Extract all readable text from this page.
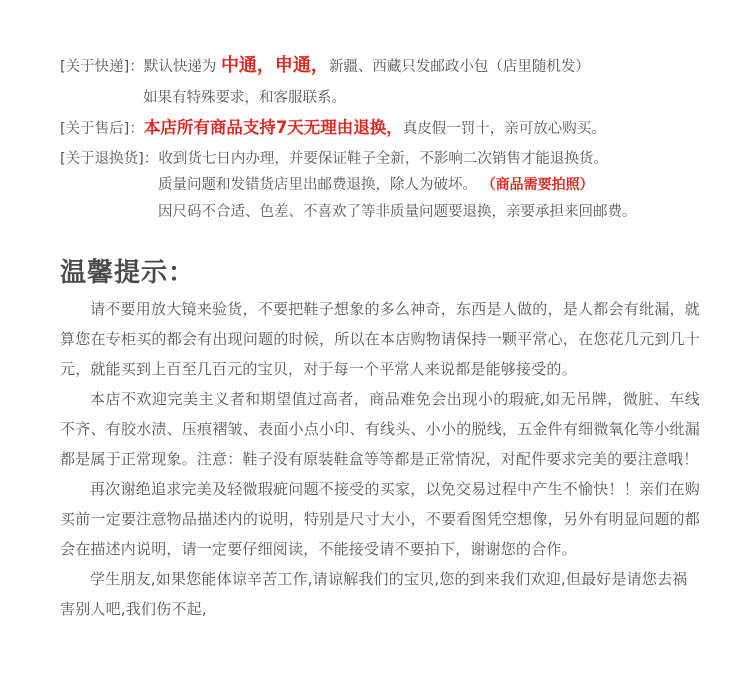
[关于快递]：默认快递为 中通，申通，新疆、西藏只发邮政小包（店里随机发）
如果有特殊要求，和客服联系。
[关于售后]：本店所有商品支持7天无理由退换，真皮假一罚十，亲可放心购买。
[关于退换货]：收到货七日内办理，并要保证鞋子全新，不影响二次销售才能退换货。
质量问题和发错货店里出邮费退换，除人为破坏。 （商品需要拍照）
因尺码不合适、色差、不喜欢了等非质量问题要退换，亲要承担来回邮费。
温馨提示：
请不要用放大镜来验货，不要把鞋子想象的多么神奇，东西是人做的，是人都会有纰漏，就算您在专柜买的都会有出现问题的时候，所以在本店购物请保持一颗平常心，在您花几元到几十元，就能买到上百至几百元的宝贝，对于每一个平常人来说都是能够接受的。
本店不欢迎完美主义者和期望值过高者，商品难免会出现小的瑕疵,如无吊牌，微脏、车线不齐、有胶水渍、压痕褶皱、表面小点小印、有线头、小小的脱线，五金件有细微氧化等小纰漏都是属于正常现象。注意：鞋子没有原装鞋盒等等都是正常情况，对配件要求完美的要注意哦！
再次谢绝追求完美及轻微瑕疵问题不接受的买家，以免交易过程中产生不愉快！！亲们在购买前一定要注意物品描述内的说明，特别是尺寸大小，不要看图凭空想像，另外有明显问题的都会在描述内说明，请一定要仔细阅读，不能接受请不要拍下，谢谢您的合作。
学生朋友,如果您能体谅辛苦工作,请谅解我们的宝贝,您的到来我们欢迎,但最好是请您去祸害别人吧,我们伤不起,
